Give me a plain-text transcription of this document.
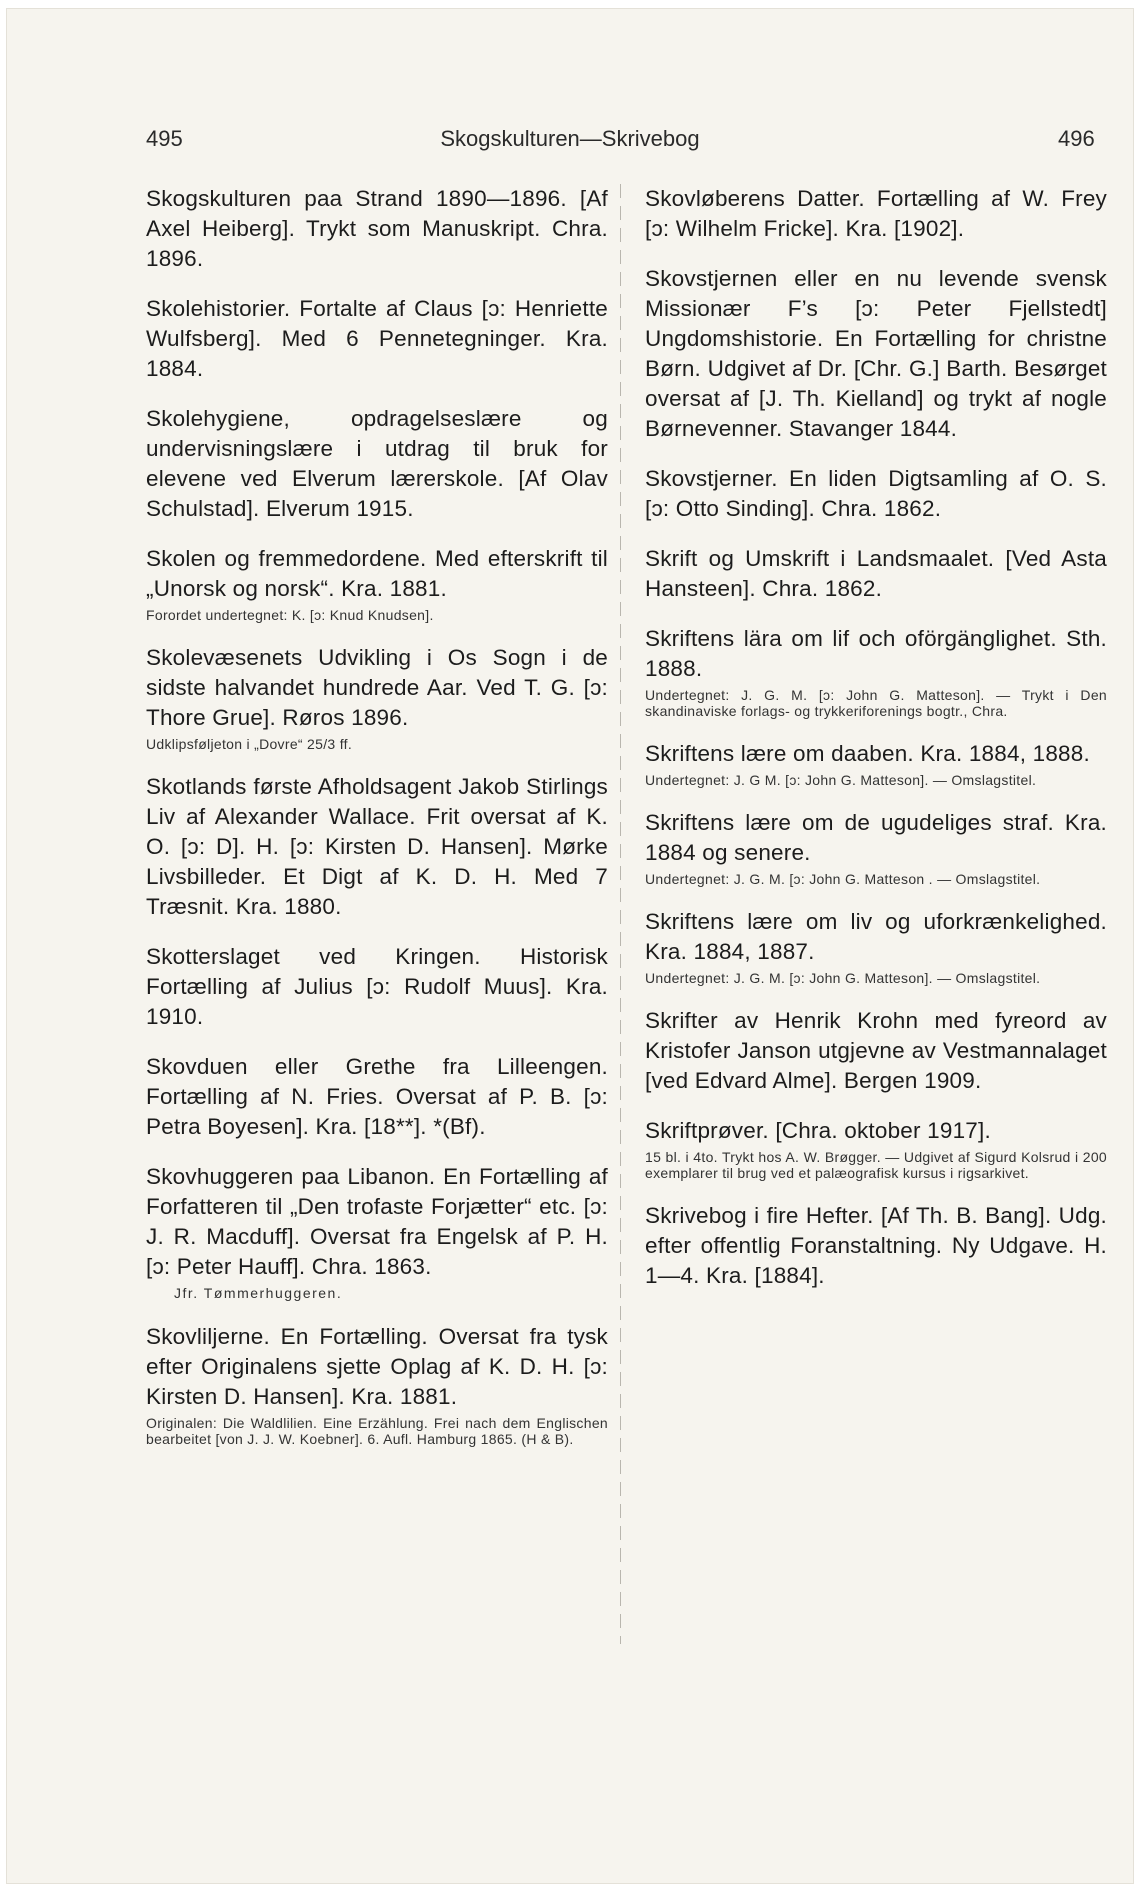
495	Skogskulturen—Skrivebog	496

Skogskulturen paa Strand 1890—1896. [Af Axel Heiberg]. Trykt som Manuskript. Chra. 1896.

Skolehistorier. Fortalte af Claus [ɔ: Henriette Wulfsberg]. Med 6 Pennetegninger. Kra. 1884.

Skolehygiene, opdragelseslære og undervisningslære i utdrag til bruk for elevene ved Elverum lærerskole. [Af Olav Schulstad]. Elverum 1915.

Skolen og fremmedordene. Med efterskrift til „Unorsk og norsk“. Kra. 1881.

Forordet undertegnet: K. [ɔ: Knud Knudsen].

Skolevæsenets Udvikling i Os Sogn i de sidste halvandet hundrede Aar. Ved T. G. [ɔ: Thore Grue]. Røros 1896.

Udklipsføljeton i „Dovre“ 25/3 ff.

Skotlands første Afholdsagent Jakob Stirlings Liv af Alexander Wallace. Frit oversat af K. O. [ɔ: D]. H. [ɔ: Kirsten D. Hansen]. Mørke Livsbilleder. Et Digt af K. D. H. Med 7 Træsnit. Kra. 1880.

Skotterslaget ved Kringen. Historisk Fortælling af Julius [ɔ: Rudolf Muus]. Kra. 1910.

Skovduen eller Grethe fra Lilleengen. Fortælling af N. Fries. Oversat af P. B. [ɔ: Petra Boyesen]. Kra. [18**]. *(Bf).

Skovhuggeren paa Libanon. En Fortælling af Forfatteren til „Den trofaste Forjætter“ etc. [ɔ: J. R. Macduff]. Oversat fra Engelsk af P. H. [ɔ: Peter Hauff]. Chra. 1863.

Jfr. Tømmerhuggeren.

Skovliljerne. En Fortælling. Oversat fra tysk efter Originalens sjette Oplag af K. D. H. [ɔ: Kirsten D. Hansen]. Kra. 1881.

Originalen: Die Waldlilien. Eine Erzählung. Frei nach dem Englischen bearbeitet [von J. J. W. Koebner]. 6. Aufl. Hamburg 1865. (H & B).

Skovløberens Datter. Fortælling af W. Frey [ɔ: Wilhelm Fricke]. Kra. [1902].

Skovstjernen eller en nu levende svensk Missionær F’s [ɔ: Peter Fjellstedt] Ungdomshistorie. En Fortælling for christne Børn. Udgivet af Dr. [Chr. G.] Barth. Besørget oversat af [J. Th. Kielland] og trykt af nogle Børnevenner. Stavanger 1844.

Skovstjerner. En liden Digtsamling af O. S. [ɔ: Otto Sinding]. Chra. 1862.

Skrift og Umskrift i Landsmaalet. [Ved Asta Hansteen]. Chra. 1862.

Skriftens lära om lif och oförgänglighet. Sth. 1888.

Undertegnet: J. G. M. [ɔ: John G. Matteson]. — Trykt i Den skandinaviske forlags- og trykkeriforenings bogtr., Chra.

Skriftens lære om daaben. Kra. 1884, 1888.

Undertegnet: J. G M. [ɔ: John G. Matteson]. — Omslagstitel.

Skriftens lære om de ugudeliges straf. Kra. 1884 og senere.

Undertegnet: J. G. M. [ɔ: John G. Matteson . — Omslagstitel.

Skriftens lære om liv og uforkrænkelighed. Kra. 1884, 1887.

Undertegnet: J. G. M. [ɔ: John G. Matteson]. — Omslagstitel.

Skrifter av Henrik Krohn med fyreord av Kristofer Janson utgjevne av Vestmannalaget [ved Edvard Alme]. Bergen 1909.

Skriftprøver. [Chra. oktober 1917].

15 bl. i 4to. Trykt hos A. W. Brøgger. — Udgivet af Sigurd Kolsrud i 200 exemplarer til brug ved et palæografisk kursus i rigsarkivet.

Skrivebog i fire Hefter. [Af Th. B. Bang]. Udg. efter offentlig Foranstaltning. Ny Udgave. H. 1—4. Kra. [1884].
